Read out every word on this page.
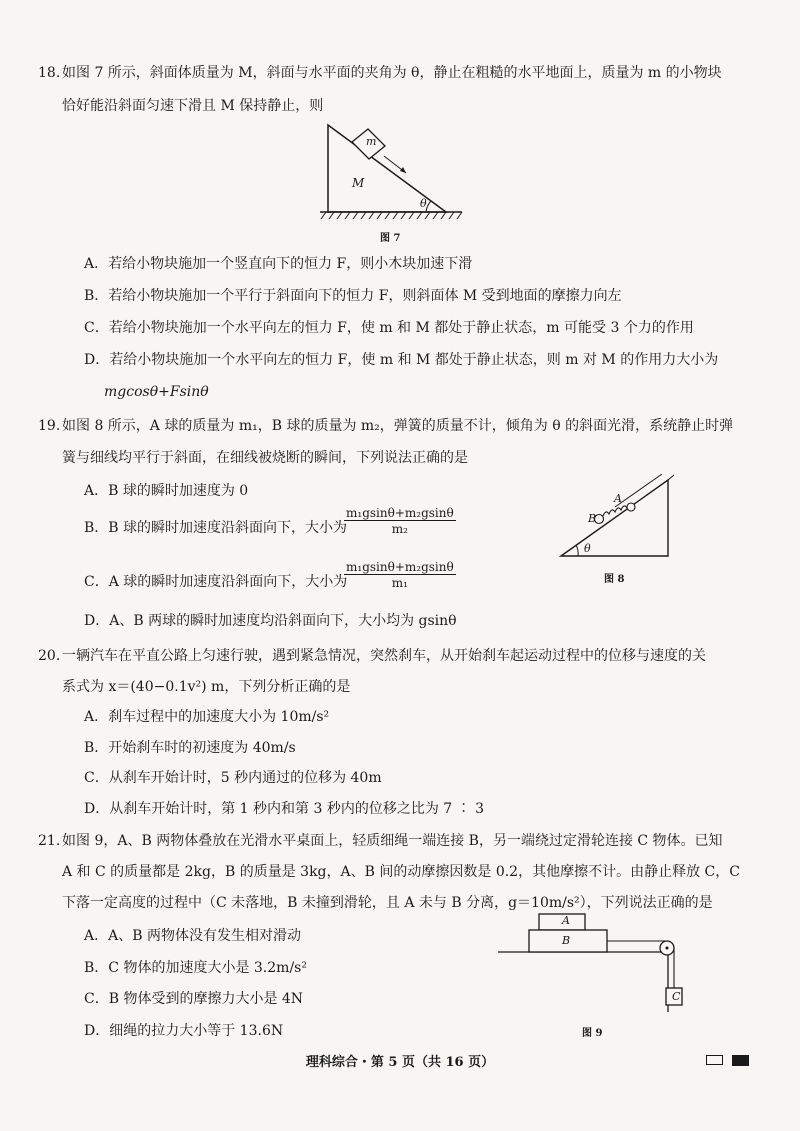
18. 如图 7 所示，斜面体质量为 M，斜面与水平面的夹角为 θ，静止在粗糙的水平地面上，质量为 m 的小物块
恰好能沿斜面匀速下滑且 M 保持静止，则
m
M
θ
图 7
A．若给小物块施加一个竖直向下的恒力 F，则小木块加速下滑
B．若给小物块施加一个平行于斜面向下的恒力 F，则斜面体 M 受到地面的摩擦力向左
C．若给小物块施加一个水平向左的恒力 F，使 m 和 M 都处于静止状态，m 可能受 3 个力的作用
D．若给小物块施加一个水平向左的恒力 F，使 m 和 M 都处于静止状态，则 m 对 M 的作用力大小为
mgcosθ+Fsinθ
19. 如图 8 所示，A 球的质量为 m₁，B 球的质量为 m₂，弹簧的质量不计，倾角为 θ 的斜面光滑，系统静止时弹
簧与细线均平行于斜面，在细线被烧断的瞬间，下列说法正确的是
A．B 球的瞬时加速度为 0
B．B 球的瞬时加速度沿斜面向下，大小为
$\frac{\text{m₁gsinθ+m₂gsinθ}}{\text{m₂}}$
C．A 球的瞬时加速度沿斜面向下，大小为
$\frac{\text{m₁gsinθ+m₂gsinθ}}{\text{m₁}}$
D．A、B 两球的瞬时加速度均沿斜面向下，大小均为 gsinθ
A
B
θ
图 8
20. 一辆汽车在平直公路上匀速行驶，遇到紧急情况，突然刹车，从开始刹车起运动过程中的位移与速度的关
系式为 x＝(40−0.1v²) m，下列分析正确的是
A．刹车过程中的加速度大小为 10m/s²
B．开始刹车时的初速度为 40m/s
C．从刹车开始计时，5 秒内通过的位移为 40m
D．从刹车开始计时，第 1 秒内和第 3 秒内的位移之比为 7 ∶ 3
21. 如图 9，A、B 两物体叠放在光滑水平桌面上，轻质细绳一端连接 B，另一端绕过定滑轮连接 C 物体。已知
A 和 C 的质量都是 2kg，B 的质量是 3kg，A、B 间的动摩擦因数是 0.2，其他摩擦不计。由静止释放 C，C
下落一定高度的过程中（C 未落地，B 未撞到滑轮，且 A 未与 B 分离，g＝10m/s²），下列说法正确的是
A．A、B 两物体没有发生相对滑动
B．C 物体的加速度大小是 3.2m/s²
C．B 物体受到的摩擦力大小是 4N
D．细绳的拉力大小等于 13.6N
A
B
C
图 9
理科综合・第 5 页（共 16 页）
